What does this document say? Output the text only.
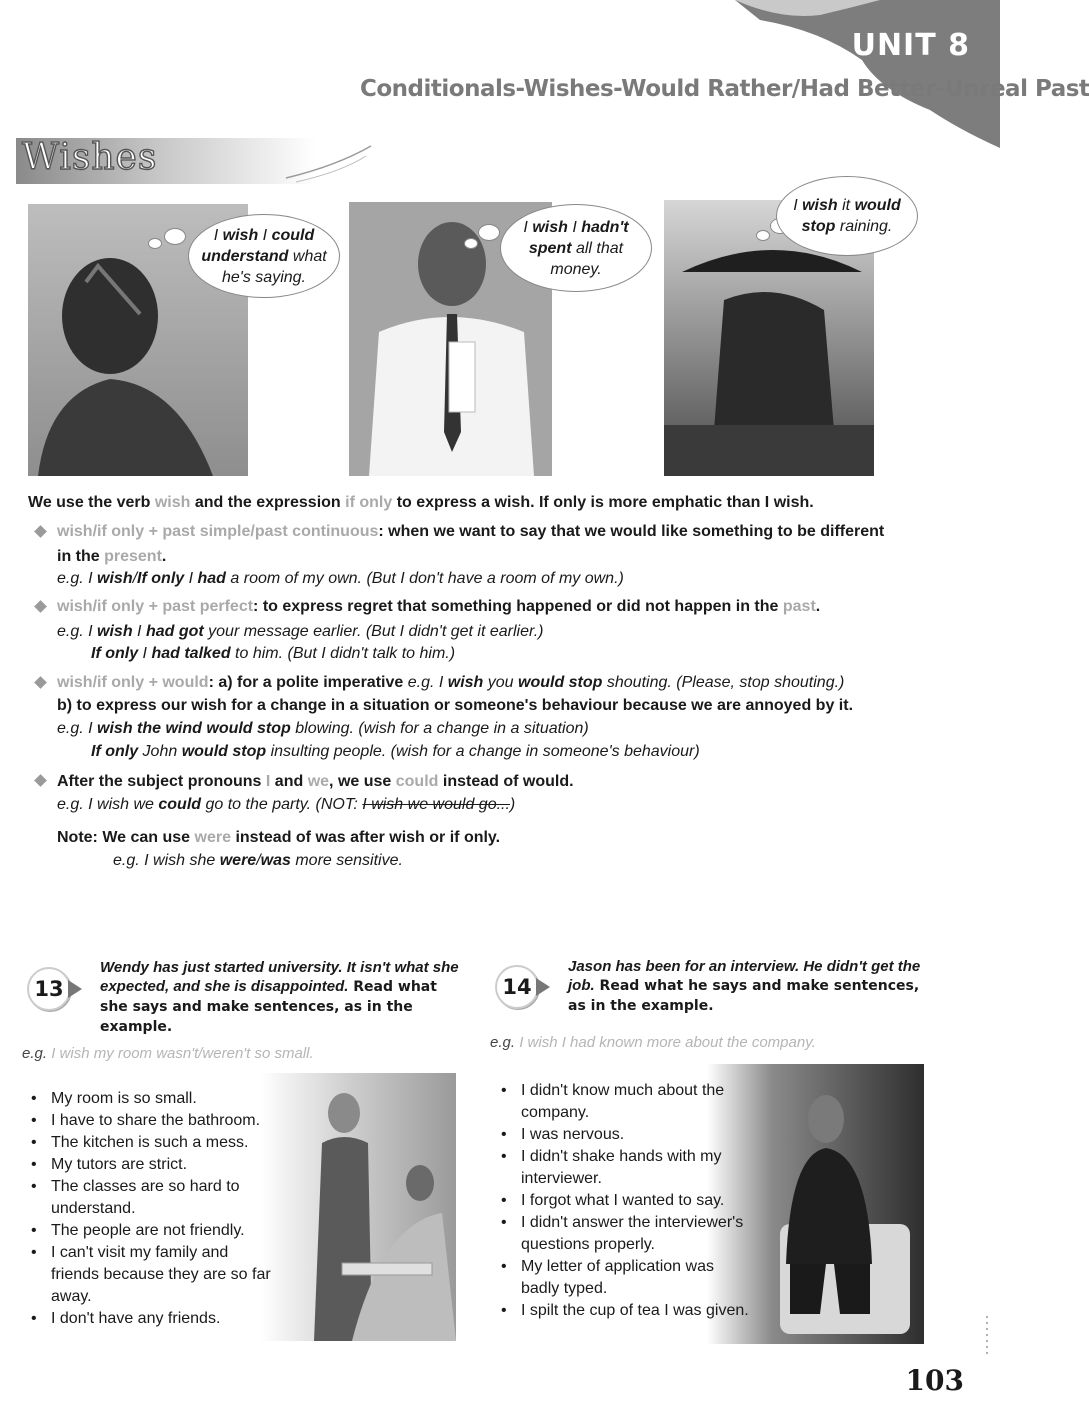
UNIT 8
Conditionals-Wishes-Would Rather/Had Better-Unreal Past
Wishes
I wish I could
understand what he's saying.
I wish I hadn't
spent all that money.
I wish it would
stop raining.
We use the verb wish and the expression if only to express a wish. If only is more emphatic than I wish.
wish/if only + past simple/past continuous: when we want to say that we would like something to be different
in the present.
e.g. I wish/If only I had a room of my own. (But I don't have a room of my own.)
wish/if only + past perfect: to express regret that something happened or did not happen in the past.
e.g. I wish I had got your message earlier. (But I didn't get it earlier.)
If only I had talked to him. (But I didn't talk to him.)
wish/if only + would: a) for a polite imperative e.g. I wish you would stop shouting. (Please, stop shouting.)
b) to express our wish for a change in a situation or someone's behaviour because we are annoyed by it.
e.g. I wish the wind would stop blowing. (wish for a change in a situation)
If only John would stop insulting people. (wish for a change in someone's behaviour)
After the subject pronouns I and we, we use could instead of would.
e.g. I wish we could go to the party. (NOT: I wish we would go...)
Note: We can use were instead of was after wish or if only.
e.g. I wish she were/was more sensitive.
13
Wendy has just started university. It isn't what she expected, and she is disappointed. Read what she says and make sentences, as in the example.
e.g. I wish my room wasn't/weren't so small.
• My room is so small.
• I have to share the bathroom.
• The kitchen is such a mess.
• My tutors are strict.
• The classes are so hard to understand.
• The people are not friendly.
• I can't visit my family and friends because they are so far away.
• I don't have any friends.
14
Jason has been for an interview. He didn't get the job. Read what he says and make sentences, as in the example.
e.g. I wish I had known more about the company.
• I didn't know much about the company.
• I was nervous.
• I didn't shake hands with my interviewer.
• I forgot what I wanted to say.
• I didn't answer the interviewer's questions properly.
• My letter of application was badly typed.
• I spilt the cup of tea I was given.
103
